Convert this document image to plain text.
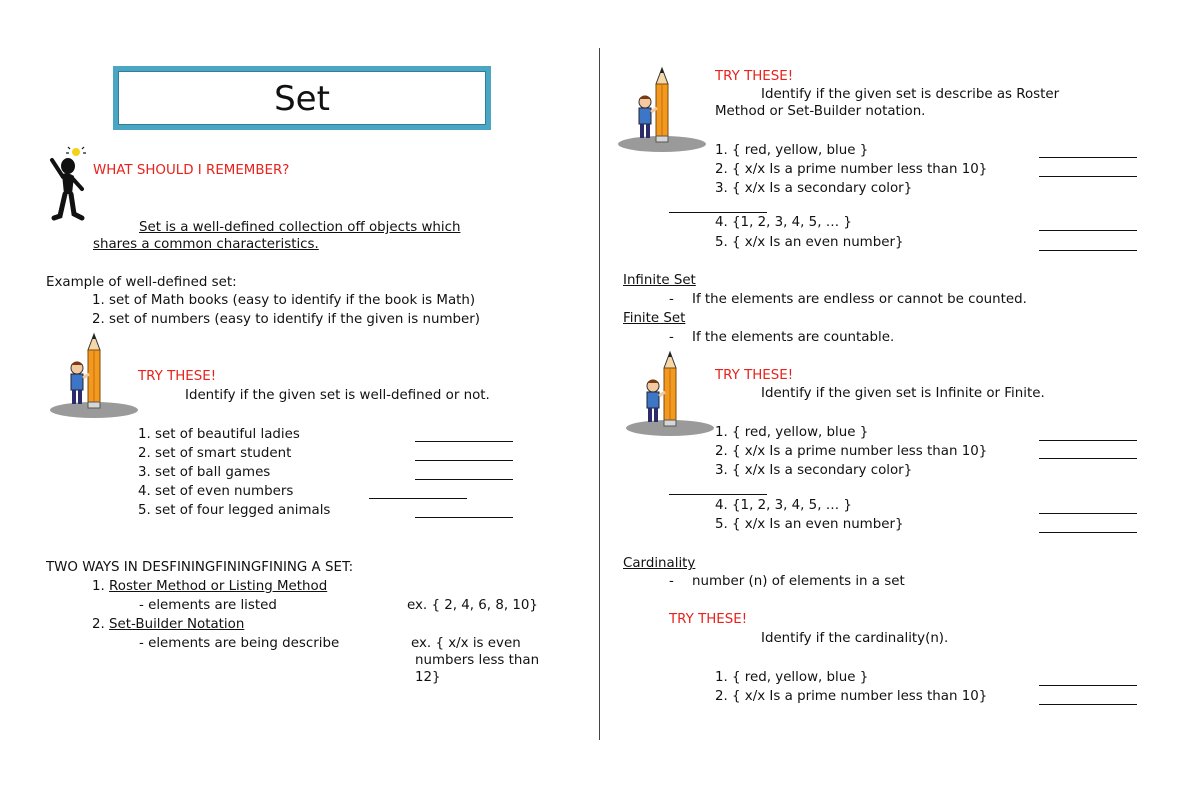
Set
WHAT SHOULD I REMEMBER?
Set is a well-defined collection off objects which
shares a common characteristics.
Example of well-defined set:
1. set of Math books (easy to identify if the book is Math)
2. set of numbers (easy to identify if the given is number)
TRY THESE!
Identify if the given set is well-defined or not.
1. set of beautiful ladies
2. set of smart student
3. set of ball games
4. set of even numbers
5. set of four legged animals
TWO WAYS IN DESFININGFININGFINING A SET:
1. Roster Method or Listing Method
- elements are listed	ex. { 2, 4, 6, 8, 10}
2. Set-Builder Notation
- elements are being describe	ex. { x/x is even
numbers less than
12}
TRY THESE!
Identify if the given set is describe as Roster
Method or Set-Builder notation.
1. { red, yellow, blue }
2. { x/x Is a prime number less than 10}
3. { x/x Is a secondary color}
4. {1, 2, 3, 4, 5, … }
5. { x/x Is an even number}
Infinite Set
- If the elements are endless or cannot be counted.
Finite Set
- If the elements are countable.
TRY THESE!
Identify if the given set is Infinite or Finite.
1. { red, yellow, blue }
2. { x/x Is a prime number less than 10}
3. { x/x Is a secondary color}
4. {1, 2, 3, 4, 5, … }
5. { x/x Is an even number}
Cardinality
- number (n) of elements in a set
TRY THESE!
Identify if the cardinality(n).
1. { red, yellow, blue }
2. { x/x Is a prime number less than 10}
